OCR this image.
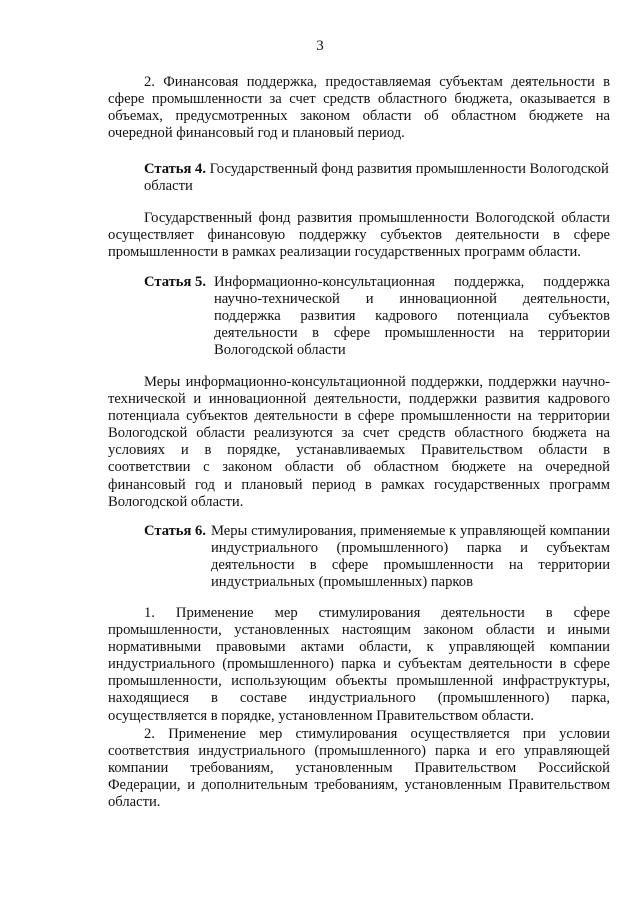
3

2. Финансовая поддержка, предоставляемая субъектам деятельности в сфере промышленности за счет средств областного бюджета, оказывается в объемах, предусмотренных законом области об областном бюджете на очередной финансовый год и плановый период.

Статья 4. Государственный фонд развития промышленности Вологодской области

Государственный фонд развития промышленности Вологодской области осуществляет финансовую поддержку субъектов деятельности в сфере промышленности в рамках реализации государственных программ области.

Статья 5. Информационно-консультационная поддержка, поддержка научно-технической и инновационной деятельности, поддержка развития кадрового потенциала субъектов деятельности в сфере промышленности на территории Вологодской области

Меры информационно-консультационной поддержки, поддержки научно-технической и инновационной деятельности, поддержки развития кадрового потенциала субъектов деятельности в сфере промышленности на территории Вологодской области реализуются за счет средств областного бюджета на условиях и в порядке, устанавливаемых Правительством области в соответствии с законом области об областном бюджете на очередной финансовый год и плановый период в рамках государственных программ Вологодской области.

Статья 6. Меры стимулирования, применяемые к управляющей компании индустриального (промышленного) парка и субъектам деятельности в сфере промышленности на территории индустриальных (промышленных) парков

1. Применение мер стимулирования деятельности в сфере промышленности, установленных настоящим законом области и иными нормативными правовыми актами области, к управляющей компании индустриального (промышленного) парка и субъектам деятельности в сфере промышленности, использующим объекты промышленной инфраструктуры, находящиеся в составе индустриального (промышленного) парка, осуществляется в порядке, установленном Правительством области.

2. Применение мер стимулирования осуществляется при условии соответствия индустриального (промышленного) парка и его управляющей компании требованиям, установленным Правительством Российской Федерации, и дополнительным требованиям, установленным Правительством области.
